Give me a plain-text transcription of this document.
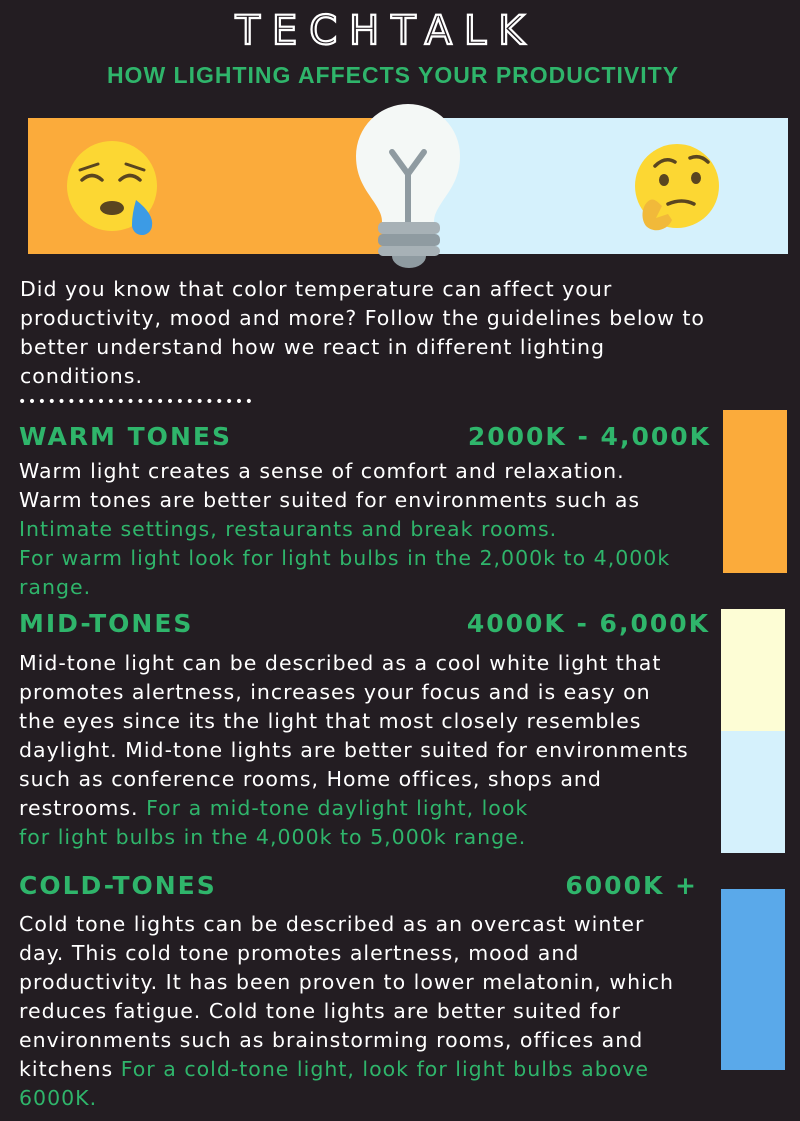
TECHTALK
HOW LIGHTING AFFECTS YOUR PRODUCTIVITY
Did you know that color temperature can affect your
productivity, mood and more? Follow the guidelines below to
better understand how we react in different lighting
conditions.
••••••••••••••••••••••••
WARM TONES	2000K - 4,000K
Warm light creates a sense of comfort and relaxation.
Warm tones are better suited for environments such as
Intimate settings, restaurants and break rooms.
For warm light look for light bulbs in the 2,000k to 4,000k
range.
MID-TONES	4000K - 6,000K
Mid-tone light can be described as a cool white light that
promotes alertness, increases your focus and is easy on
the eyes since its the light that most closely resembles
daylight. Mid-tone lights are better suited for environments
such as conference rooms, Home offices, shops and
restrooms. For a mid-tone daylight light, look
for light bulbs in the 4,000k to 5,000k range.
COLD-TONES	6000K +
Cold tone lights can be described as an overcast winter
day. This cold tone promotes alertness, mood and
productivity. It has been proven to lower melatonin, which
reduces fatigue. Cold tone lights are better suited for
environments such as brainstorming rooms, offices and
kitchens For a cold-tone light, look for light bulbs above
6000K.
